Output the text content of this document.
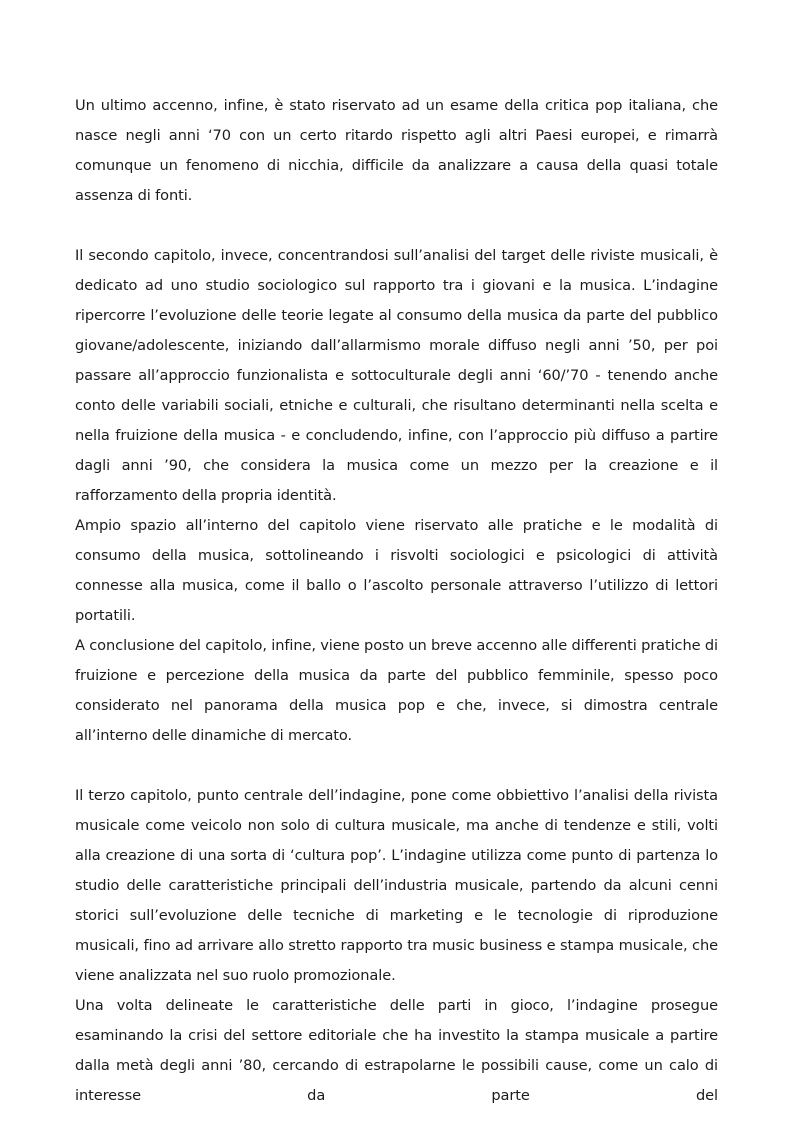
Un ultimo accenno, infine, è stato riservato ad un esame della critica pop italiana, che nasce negli anni ‘70 con un certo ritardo rispetto agli altri Paesi europei, e rimarrà comunque un fenomeno di nicchia, difficile da analizzare a causa della quasi totale assenza di fonti.

Il secondo capitolo, invece, concentrandosi sull’analisi del target delle riviste musicali, è dedicato ad uno studio sociologico sul rapporto tra i giovani e la musica. L’indagine ripercorre l’evoluzione delle teorie legate al consumo della musica da parte del pubblico giovane/adolescente, iniziando dall’allarmismo morale diffuso negli anni ’50, per poi passare all’approccio funzionalista e sottoculturale degli anni ‘60/’70 - tenendo anche conto delle variabili sociali, etniche e culturali, che risultano determinanti nella scelta e nella fruizione della musica - e concludendo, infine, con l’approccio più diffuso a partire dagli anni ’90, che considera la musica come un mezzo per la creazione e il rafforzamento della propria identità.

Ampio spazio all’interno del capitolo viene riservato alle pratiche e le modalità di consumo della musica, sottolineando i risvolti sociologici e psicologici di attività connesse alla musica, come il ballo o l’ascolto personale attraverso l’utilizzo di lettori portatili.

A conclusione del capitolo, infine, viene posto un breve accenno alle differenti pratiche di fruizione e percezione della musica da parte del pubblico femminile, spesso poco considerato nel panorama della musica pop e che, invece, si dimostra centrale all’interno delle dinamiche di mercato.

Il terzo capitolo, punto centrale dell’indagine, pone come obbiettivo l’analisi della rivista musicale come veicolo non solo di cultura musicale, ma anche di tendenze e stili, volti alla creazione di una sorta di ‘cultura pop’. L’indagine utilizza come punto di partenza lo studio delle caratteristiche principali dell’industria musicale, partendo da alcuni cenni storici sull’evoluzione delle tecniche di marketing e le tecnologie di riproduzione musicali, fino ad arrivare allo stretto rapporto tra music business e stampa musicale, che viene analizzata nel suo ruolo promozionale.

Una volta delineate le caratteristiche delle parti in gioco, l’indagine prosegue esaminando la crisi del settore editoriale che ha investito la stampa musicale a partire dalla metà degli anni ’80, cercando di estrapolarne le possibili cause, come un calo di interesse da parte del
